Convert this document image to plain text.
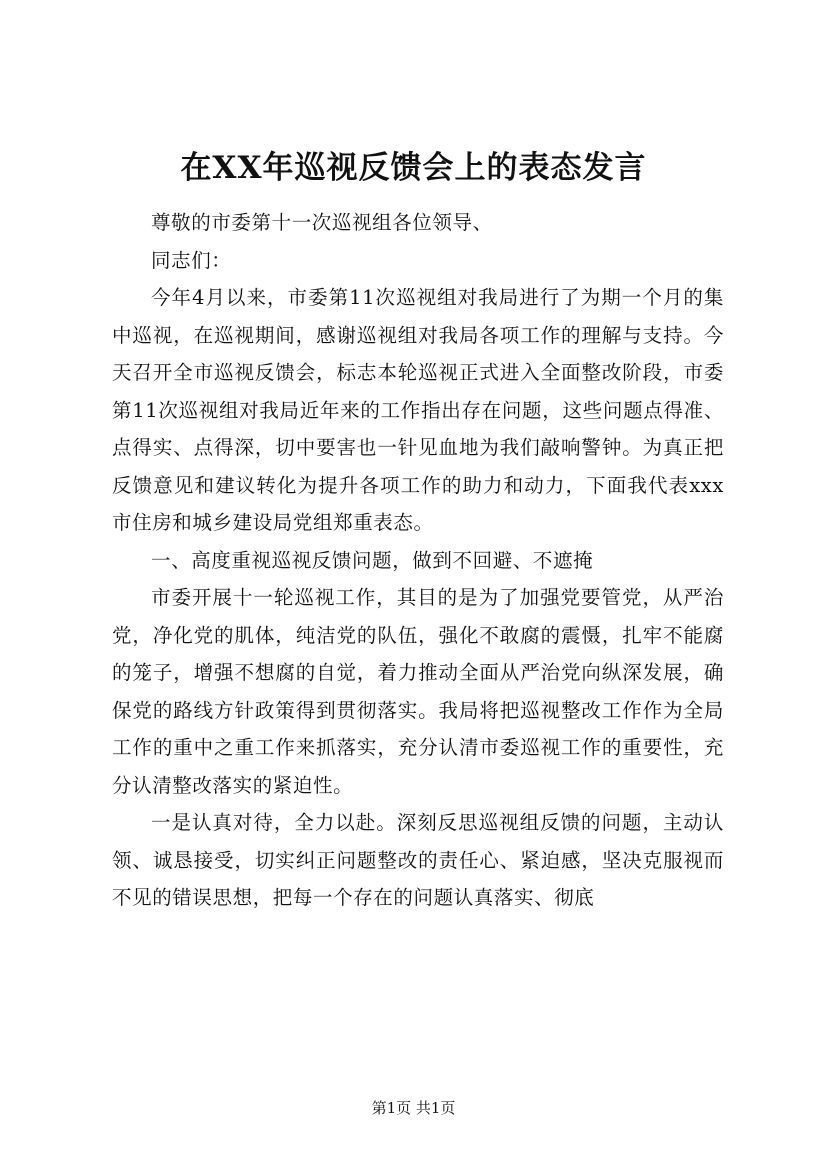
在XX年巡视反馈会上的表态发言

尊敬的市委第十一次巡视组各位领导、

同志们：

今年4月以来，市委第11次巡视组对我局进行了为期一个月的集中巡视，在巡视期间，感谢巡视组对我局各项工作的理解与支持。今天召开全市巡视反馈会，标志本轮巡视正式进入全面整改阶段，市委第11次巡视组对我局近年来的工作指出存在问题，这些问题点得准、点得实、点得深，切中要害也一针见血地为我们敲响警钟。为真正把反馈意见和建议转化为提升各项工作的助力和动力，下面我代表xxx市住房和城乡建设局党组郑重表态。

一、高度重视巡视反馈问题，做到不回避、不遮掩

市委开展十一轮巡视工作，其目的是为了加强党要管党，从严治党，净化党的肌体，纯洁党的队伍，强化不敢腐的震慑，扎牢不能腐的笼子，增强不想腐的自觉，着力推动全面从严治党向纵深发展，确保党的路线方针政策得到贯彻落实。我局将把巡视整改工作作为全局工作的重中之重工作来抓落实，充分认清市委巡视工作的重要性，充分认清整改落实的紧迫性。

一是认真对待，全力以赴。深刻反思巡视组反馈的问题，主动认领、诚恳接受，切实纠正问题整改的责任心、紧迫感，坚决克服视而不见的错误思想，把每一个存在的问题认真落实、彻底

第1页 共1页
